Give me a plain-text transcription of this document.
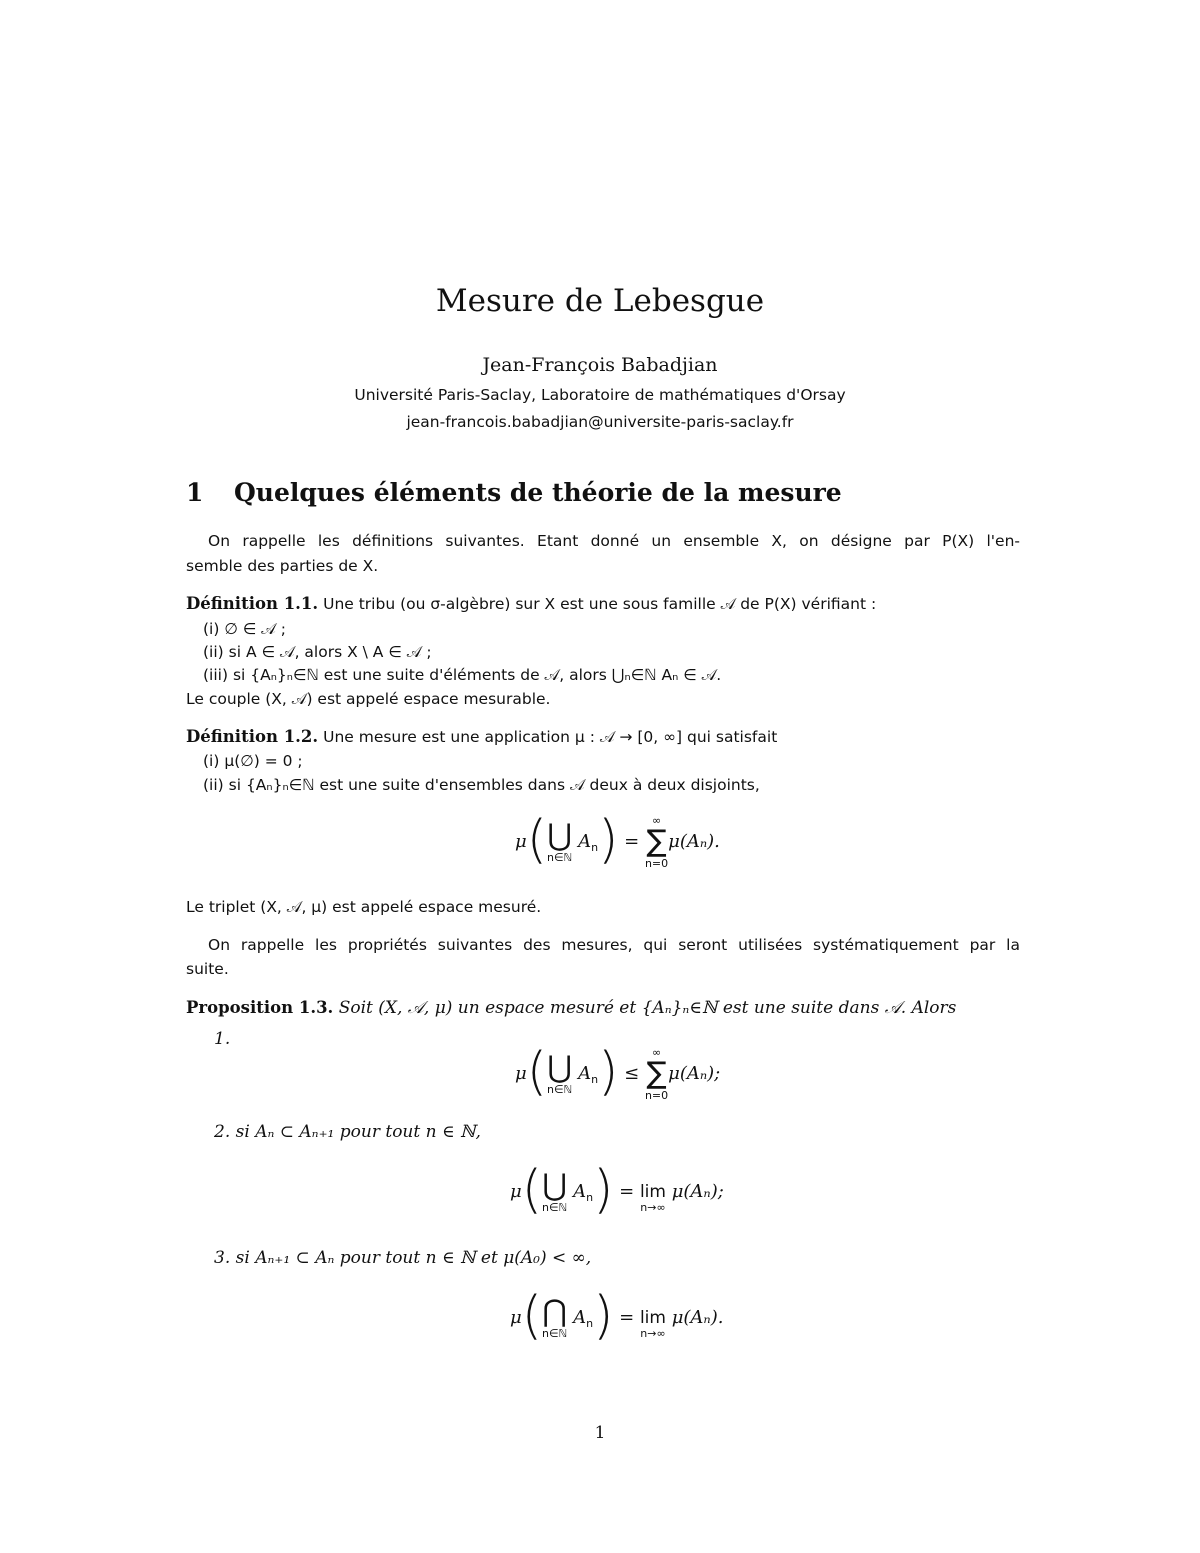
Mesure de Lebesgue
Jean-François Babadjian
Université Paris-Saclay, Laboratoire de mathématiques d'Orsay
jean-francois.babadjian@universite-paris-saclay.fr
1 Quelques éléments de théorie de la mesure
On rappelle les définitions suivantes. Etant donné un ensemble X, on désigne par P(X) l'en-
semble des parties de X.
Définition 1.1. Une tribu (ou σ-algèbre) sur X est une sous famille 𝒜 de P(X) vérifiant :
(i) ∅ ∈ 𝒜 ;
(ii) si A ∈ 𝒜, alors X \ A ∈ 𝒜 ;
(iii) si {Aₙ}ₙ∈ℕ est une suite d'éléments de 𝒜, alors ⋃ₙ∈ℕ Aₙ ∈ 𝒜.
Le couple (X, 𝒜) est appelé espace mesurable.
Définition 1.2. Une mesure est une application μ : 𝒜 → [0, ∞] qui satisfait
(i) μ(∅) = 0 ;
(ii) si {Aₙ}ₙ∈ℕ est une suite d'ensembles dans 𝒜 deux à deux disjoints,
μ( ⋃
n∈ℕ
$A_n$) =
∞
∑
n=0
μ(Aₙ).
Le triplet (X, 𝒜, μ) est appelé espace mesuré.
On rappelle les propriétés suivantes des mesures, qui seront utilisées systématiquement par la
suite.
Proposition 1.3. Soit (X, 𝒜, μ) un espace mesuré et {Aₙ}ₙ∈ℕ est une suite dans 𝒜. Alors
1.
μ( ⋃
n∈ℕ
$A_n$) ≤
∞
∑
n=0
μ(Aₙ);
2. si Aₙ ⊂ Aₙ₊₁ pour tout n ∈ ℕ,
μ( ⋃
n∈ℕ
$A_n) = \lim$
n→∞
μ(Aₙ);
3. si Aₙ₊₁ ⊂ Aₙ pour tout n ∈ ℕ et μ(A₀) < ∞,
μ( ⋂
n∈ℕ
$A_n) = \lim$
n→∞
μ(Aₙ).
1
